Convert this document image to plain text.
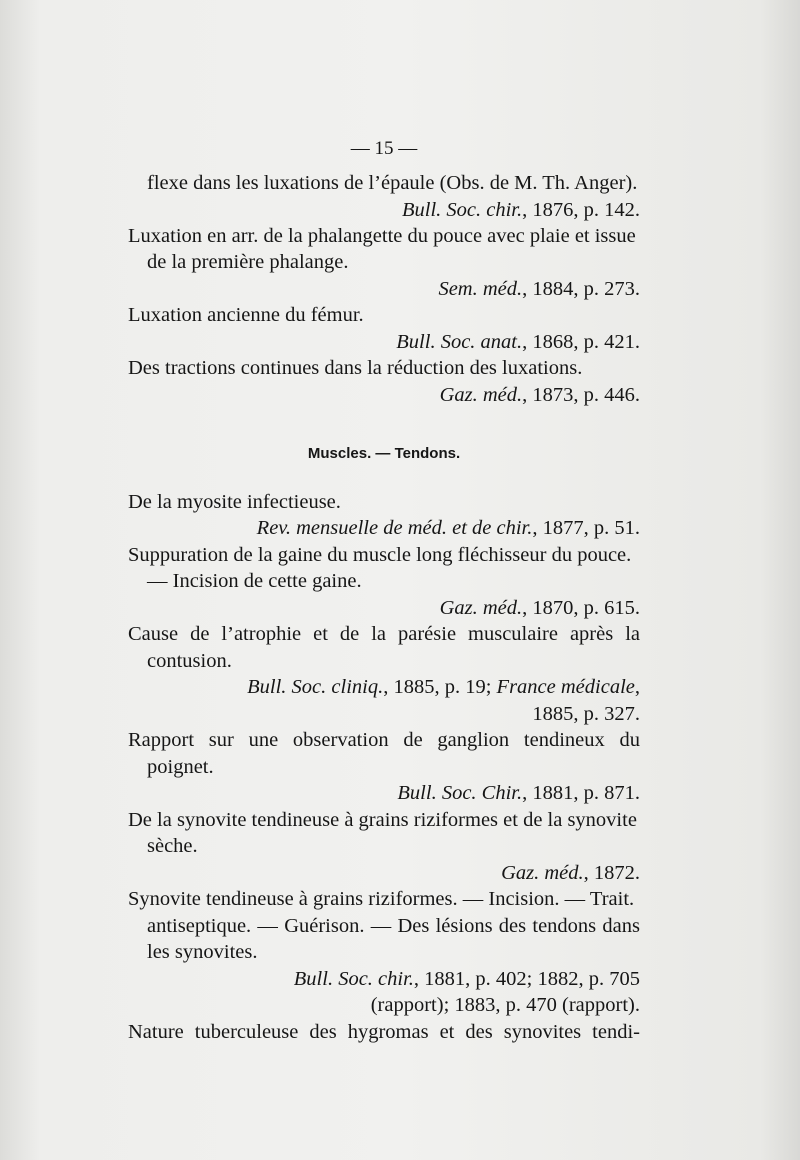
— 15 —
flexe dans les luxations de l’épaule (Obs. de M. Th. Anger).
Bull. Soc. chir., 1876, p. 142.
Luxation en arr. de la phalangette du pouce avec plaie et issue
de la première phalange.
Sem. méd., 1884, p. 273.
Luxation ancienne du fémur.
Bull. Soc. anat., 1868, p. 421.
Des tractions continues dans la réduction des luxations.
Gaz. méd., 1873, p. 446.
Muscles. — Tendons.
De la myosite infectieuse.
Rev. mensuelle de méd. et de chir., 1877, p. 51.
Suppuration de la gaine du muscle long fléchisseur du pouce.
— Incision de cette gaine.
Gaz. méd., 1870, p. 615.
Cause de l’atrophie et de la parésie musculaire après la
contusion.
Bull. Soc. cliniq., 1885, p. 19; France médicale,
1885, p. 327.
Rapport sur une observation de ganglion tendineux du
poignet.
Bull. Soc. Chir., 1881, p. 871.
De la synovite tendineuse à grains riziformes et de la synovite
sèche.
Gaz. méd., 1872.
Synovite tendineuse à grains riziformes. — Incision. — Trait.
antiseptique. — Guérison. — Des lésions des tendons dans
les synovites.
Bull. Soc. chir., 1881, p. 402; 1882, p. 705
(rapport); 1883, p. 470 (rapport).
Nature tuberculeuse des hygromas et des synovites tendi-
